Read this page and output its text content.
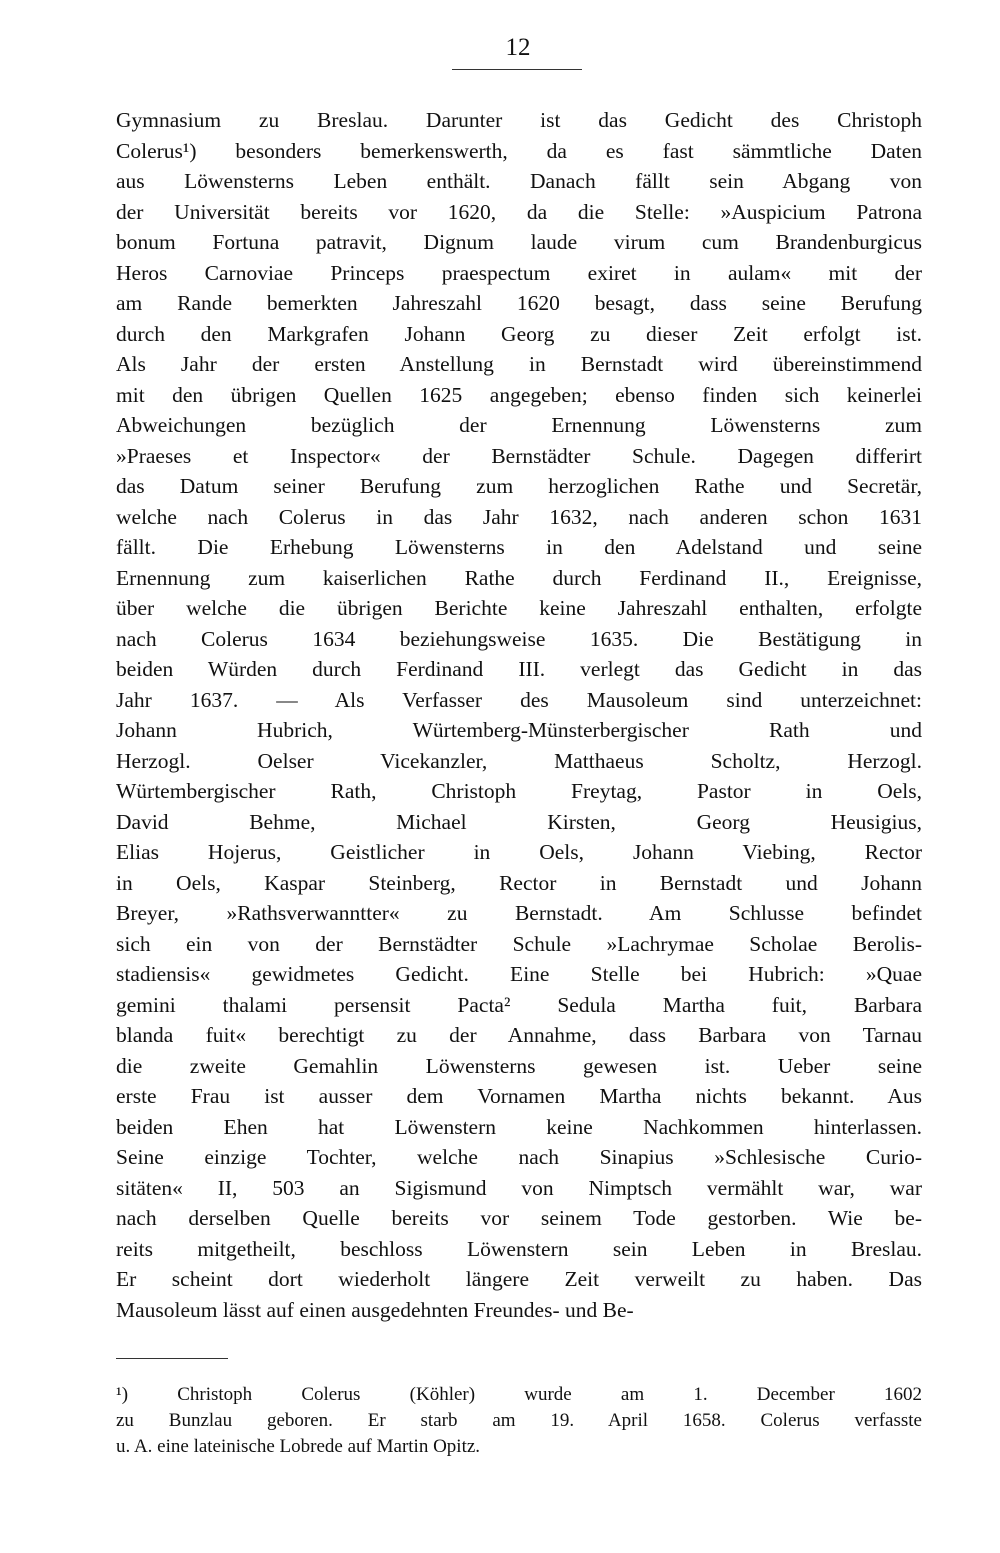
12
Gymnasium zu Breslau. Darunter ist das Gedicht des Christoph
Colerus¹) besonders bemerkenswerth, da es fast sämmtliche Daten
aus Löwensterns Leben enthält. Danach fällt sein Abgang von
der Universität bereits vor 1620, da die Stelle: »Auspicium Patrona
bonum Fortuna patravit, Dignum laude virum cum Brandenburgicus
Heros Carnoviae Princeps praespectum exiret in aulam« mit der
am Rande bemerkten Jahreszahl 1620 besagt, dass seine Berufung
durch den Markgrafen Johann Georg zu dieser Zeit erfolgt ist.
Als Jahr der ersten Anstellung in Bernstadt wird übereinstimmend
mit den übrigen Quellen 1625 angegeben; ebenso finden sich keinerlei
Abweichungen bezüglich der Ernennung Löwensterns zum
»Praeses et Inspector« der Bernstädter Schule. Dagegen differirt
das Datum seiner Berufung zum herzoglichen Rathe und Secretär,
welche nach Colerus in das Jahr 1632, nach anderen schon 1631
fällt. Die Erhebung Löwensterns in den Adelstand und seine
Ernennung zum kaiserlichen Rathe durch Ferdinand II., Ereignisse,
über welche die übrigen Berichte keine Jahreszahl enthalten, erfolgte
nach Colerus 1634 beziehungsweise 1635. Die Bestätigung in
beiden Würden durch Ferdinand III. verlegt das Gedicht in das
Jahr 1637. — Als Verfasser des Mausoleum sind unterzeichnet:
Johann Hubrich, Würtemberg-Münsterbergischer Rath und
Herzogl. Oelser Vicekanzler, Matthaeus Scholtz, Herzogl.
Würtembergischer Rath, Christoph Freytag, Pastor in Oels,
David Behme, Michael Kirsten, Georg Heusigius,
Elias Hojerus, Geistlicher in Oels, Johann Viebing, Rector
in Oels, Kaspar Steinberg, Rector in Bernstadt und Johann
Breyer, »Rathsverwanntter« zu Bernstadt. Am Schlusse befindet
sich ein von der Bernstädter Schule »Lachrymae Scholae Berolis-
stadiensis« gewidmetes Gedicht. Eine Stelle bei Hubrich: »Quae
gemini thalami persensit Pacta² Sedula Martha fuit, Barbara
blanda fuit« berechtigt zu der Annahme, dass Barbara von Tarnau
die zweite Gemahlin Löwensterns gewesen ist. Ueber seine
erste Frau ist ausser dem Vornamen Martha nichts bekannt. Aus
beiden Ehen hat Löwenstern keine Nachkommen hinterlassen.
Seine einzige Tochter, welche nach Sinapius »Schlesische Curio-
sitäten« II, 503 an Sigismund von Nimptsch vermählt war, war
nach derselben Quelle bereits vor seinem Tode gestorben. Wie be-
reits mitgetheilt, beschloss Löwenstern sein Leben in Breslau.
Er scheint dort wiederholt längere Zeit verweilt zu haben. Das
Mausoleum lässt auf einen ausgedehnten Freundes- und Be-
¹) Christoph Colerus (Köhler) wurde am 1. December 1602
zu Bunzlau geboren. Er starb am 19. April 1658. Colerus verfasste
u. A. eine lateinische Lobrede auf Martin Opitz.
